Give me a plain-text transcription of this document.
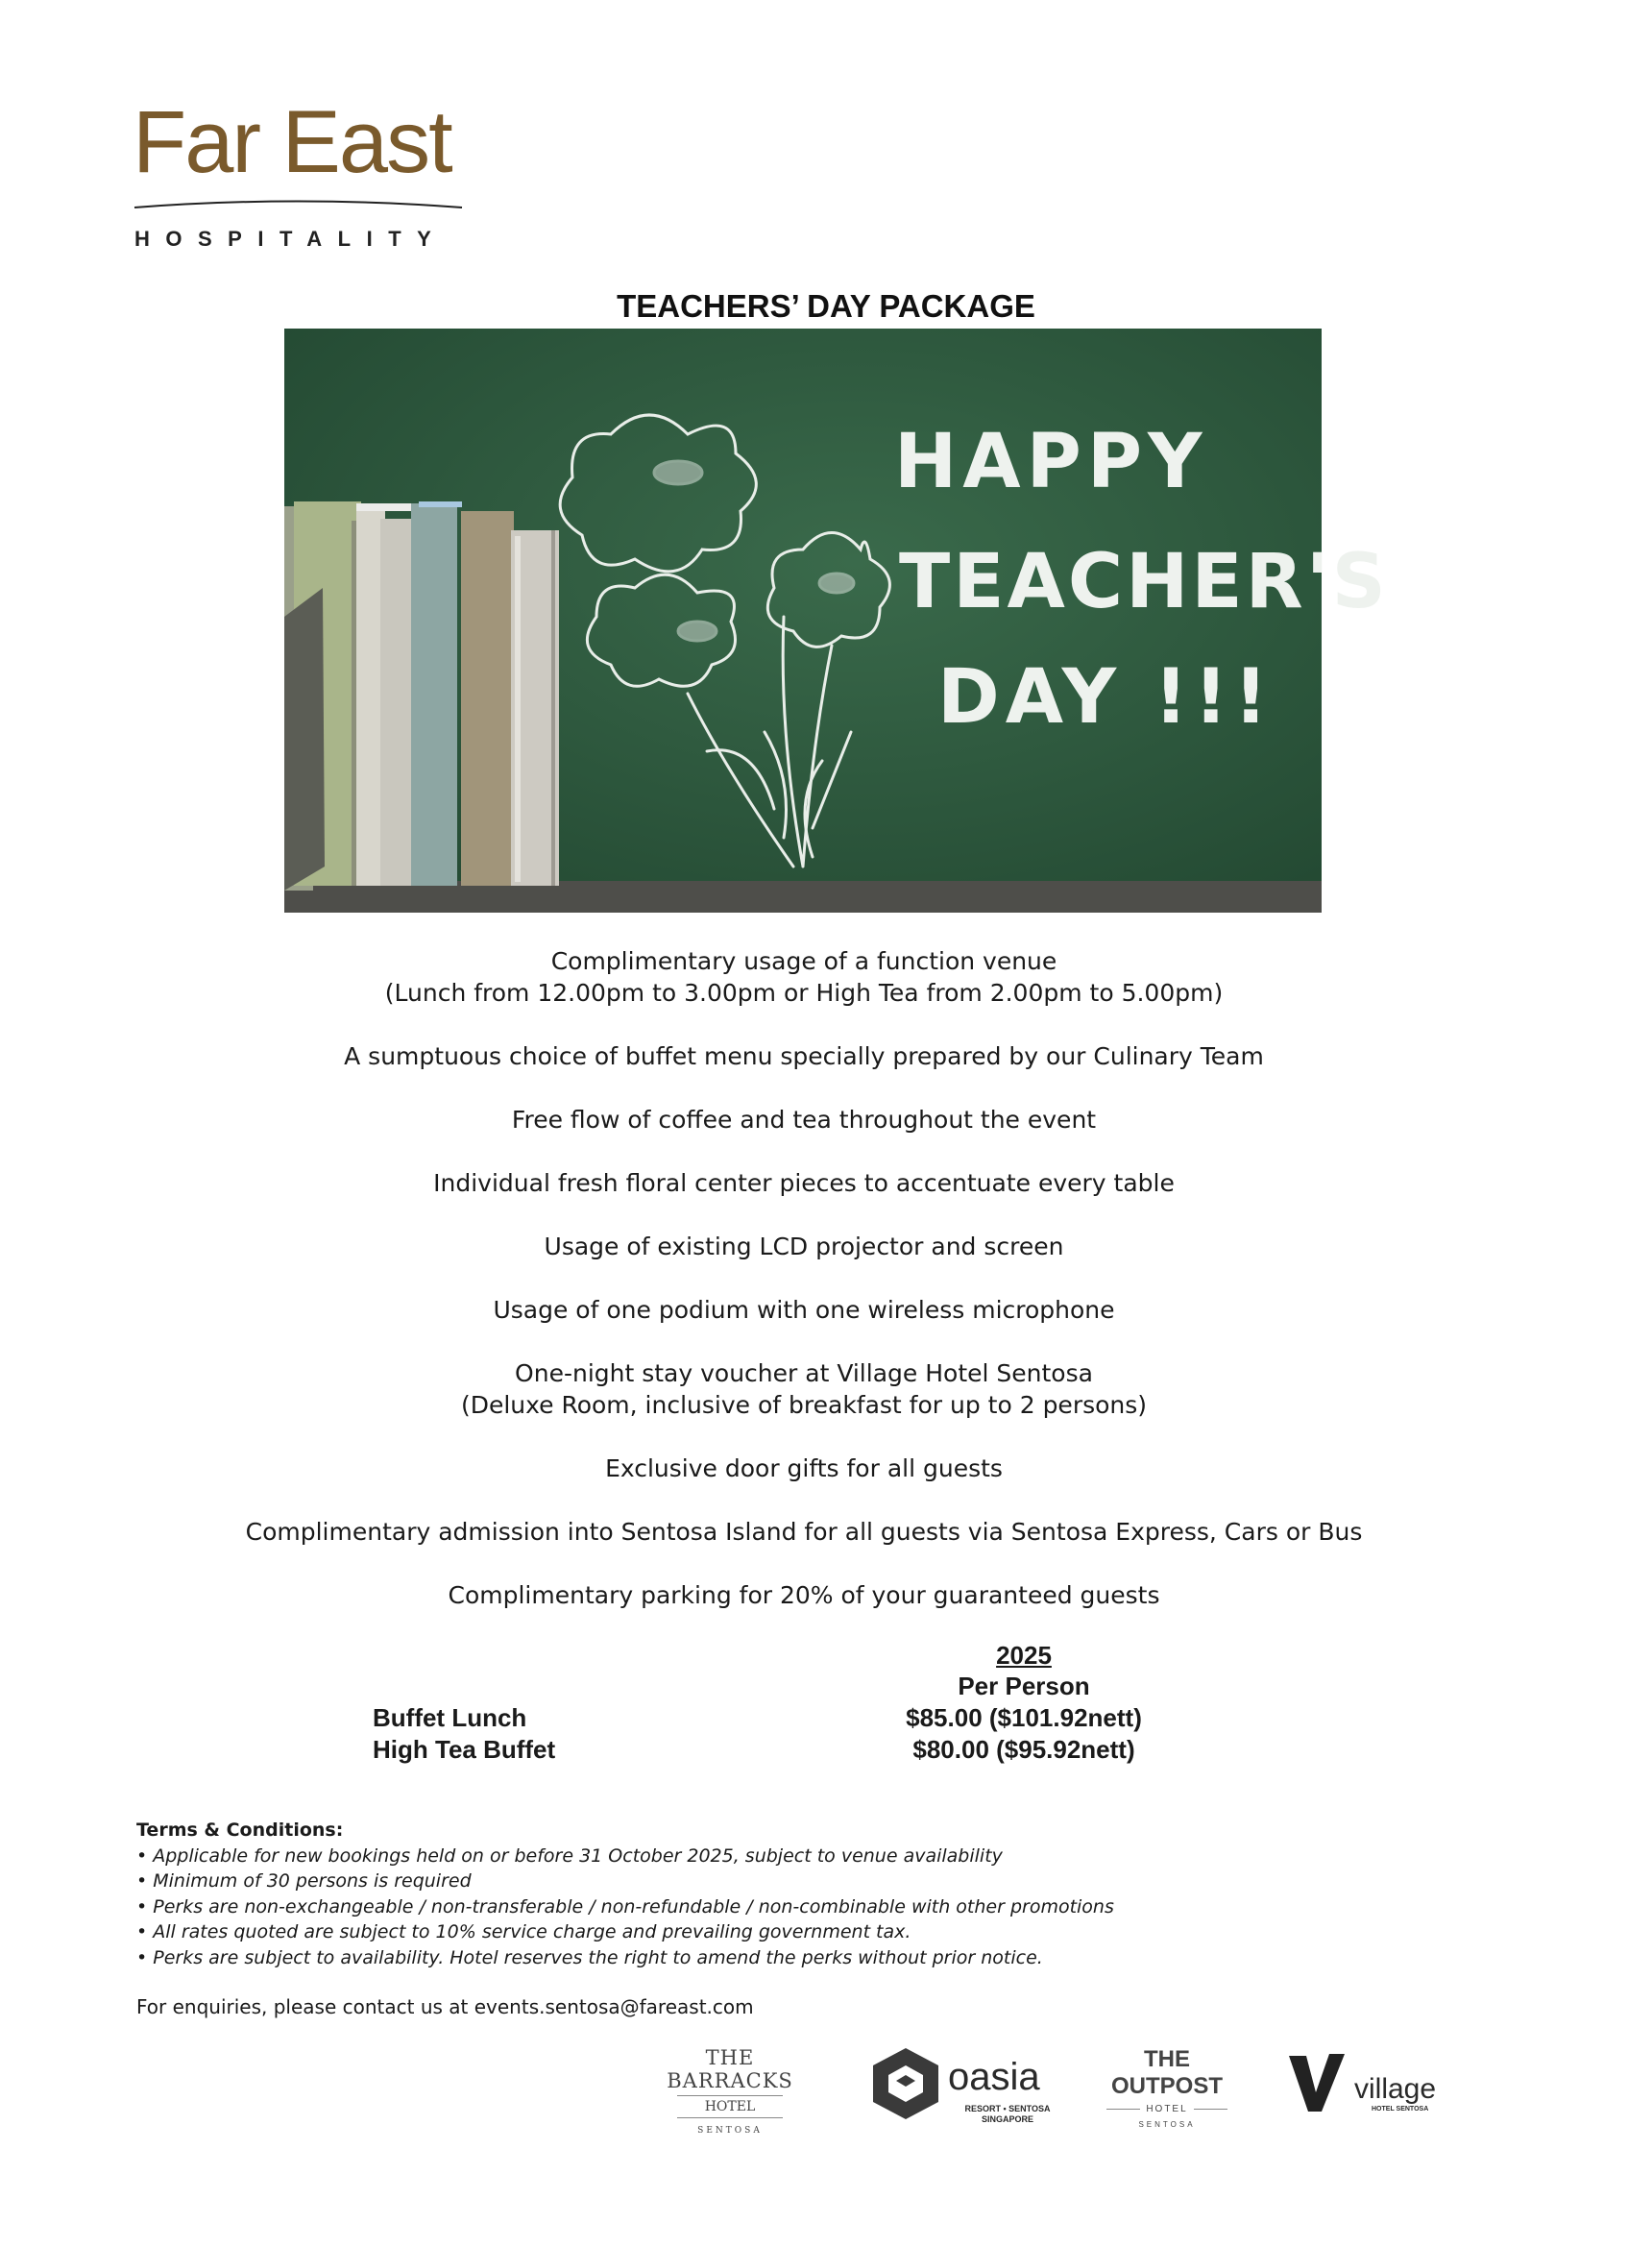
Far East
HOSPITALITY
TEACHERS’ DAY PACKAGE
HAPPY
TEACHER'S
DAY !!!
Complimentary usage of a function venue
(Lunch from 12.00pm to 3.00pm or High Tea from 2.00pm to 5.00pm)
A sumptuous choice of buffet menu specially prepared by our Culinary Team
Free flow of coffee and tea throughout the event
Individual fresh floral center pieces to accentuate every table
Usage of existing LCD projector and screen
Usage of one podium with one wireless microphone
One-night stay voucher at Village Hotel Sentosa
(Deluxe Room, inclusive of breakfast for up to 2 persons)
Exclusive door gifts for all guests
Complimentary admission into Sentosa Island for all guests via Sentosa Express, Cars or Bus
Complimentary parking for 20% of your guaranteed guests
2025
Per Person
Buffet Lunch	$85.00 ($101.92nett)
High Tea Buffet	$80.00 ($95.92nett)
Terms & Conditions:
• Applicable for new bookings held on or before 31 October 2025, subject to venue availability
• Minimum of 30 persons is required
• Perks are non-exchangeable / non-transferable / non-refundable / non-combinable with other promotions
• All rates quoted are subject to 10% service charge and prevailing government tax.
• Perks are subject to availability. Hotel reserves the right to amend the perks without prior notice.
For enquiries, please contact us at events.sentosa@fareast.com
THE BARRACKS
HOTEL
SENTOSA
oasia
RESORT • SENTOSA
SINGAPORE
THE OUTPOST
HOTEL
SENTOSA
village
HOTEL SENTOSA
